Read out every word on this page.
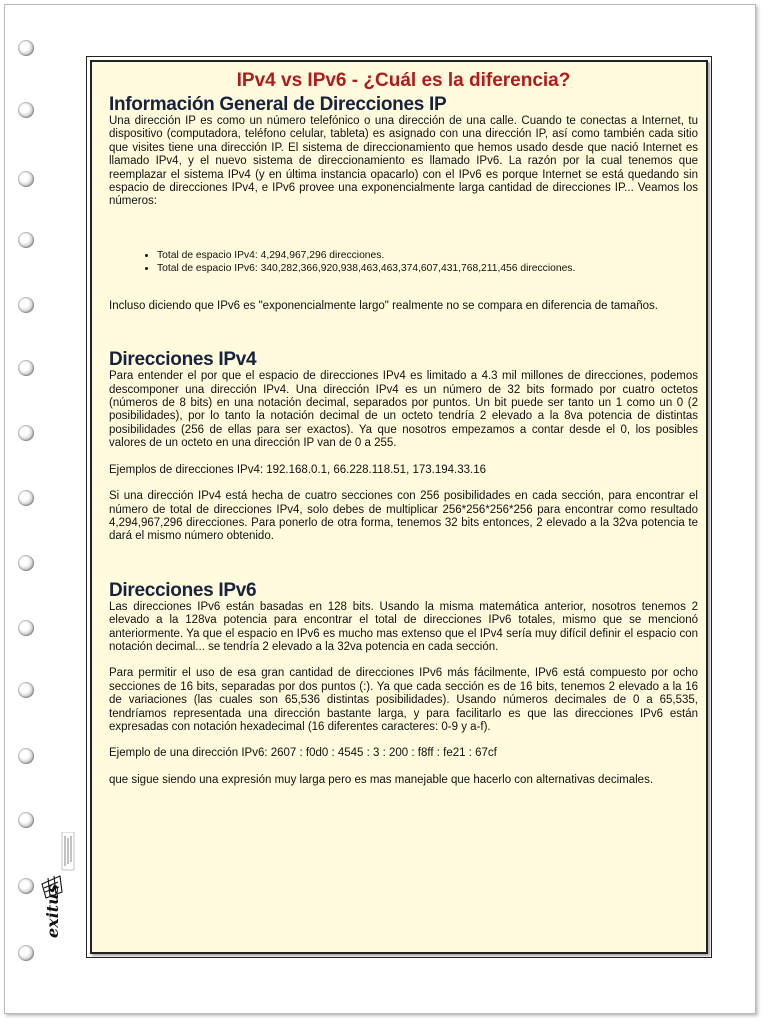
IPv4 vs IPv6 - ¿Cuál es la diferencia?
Información General de Direcciones IP

Una dirección IP es como un número telefónico o una dirección de una calle. Cuando te conectas a Internet, tu dispositivo (computadora, teléfono celular, tableta) es asignado con una dirección IP, así como también cada sitio que visites tiene una dirección IP. El sistema de direccionamiento que hemos usado desde que nació Internet es llamado IPv4, y el nuevo sistema de direccionamiento es llamado IPv6. La razón por la cual tenemos que reemplazar el sistema IPv4 (y en última instancia opacarlo) con el IPv6 es porque Internet se está quedando sin espacio de direcciones IPv4, e IPv6 provee una exponencialmente larga cantidad de direcciones IP... Veamos los números:

• Total de espacio IPv4: 4,294,967,296 direcciones.
• Total de espacio IPv6: 340,282,366,920,938,463,463,374,607,431,768,211,456 direcciones.

Incluso diciendo que IPv6 es "exponencialmente largo" realmente no se compara en diferencia de tamaños.

Direcciones IPv4

Para entender el por que el espacio de direcciones IPv4 es limitado a 4.3 mil millones de direcciones, podemos descomponer una dirección IPv4. Una dirección IPv4 es un número de 32 bits formado por cuatro octetos (números de 8 bits) en una notación decimal, separados por puntos. Un bit puede ser tanto un 1 como un 0 (2 posibilidades), por lo tanto la notación decimal de un octeto tendría 2 elevado a la 8va potencia de distintas posibilidades (256 de ellas para ser exactos). Ya que nosotros empezamos a contar desde el 0, los posibles valores de un octeto en una dirección IP van de 0 a 255.

Ejemplos de direcciones IPv4: 192.168.0.1, 66.228.118.51, 173.194.33.16

Si una dirección IPv4 está hecha de cuatro secciones con 256 posibilidades en cada sección, para encontrar el número de total de direcciones IPv4, solo debes de multiplicar 256*256*256*256 para encontrar como resultado 4,294,967,296 direcciones. Para ponerlo de otra forma, tenemos 32 bits entonces, 2 elevado a la 32va potencia te dará el mismo número obtenido.

Direcciones IPv6

Las direcciones IPv6 están basadas en 128 bits. Usando la misma matemática anterior, nosotros tenemos 2 elevado a la 128va potencia para encontrar el total de direcciones IPv6 totales, mismo que se mencionó anteriormente. Ya que el espacio en IPv6 es mucho mas extenso que el IPv4 sería muy difícil definir el espacio con notación decimal... se tendría 2 elevado a la 32va potencia en cada sección.

Para permitir el uso de esa gran cantidad de direcciones IPv6 más fácilmente, IPv6 está compuesto por ocho secciones de 16 bits, separadas por dos puntos (:). Ya que cada sección es de 16 bits, tenemos 2 elevado a la 16 de variaciones (las cuales son 65,536 distintas posibilidades). Usando números decimales de 0 a 65,535, tendríamos representada una dirección bastante larga, y para facilitarlo es que las direcciones IPv6 están expresadas con notación hexadecimal (16 diferentes caracteres: 0-9 y a-f).

Ejemplo de una dirección IPv6: 2607 : f0d0 : 4545 : 3 : 200 : f8ff : fe21 : 67cf

que sigue siendo una expresión muy larga pero es mas manejable que hacerlo con alternativas decimales.

exitus
